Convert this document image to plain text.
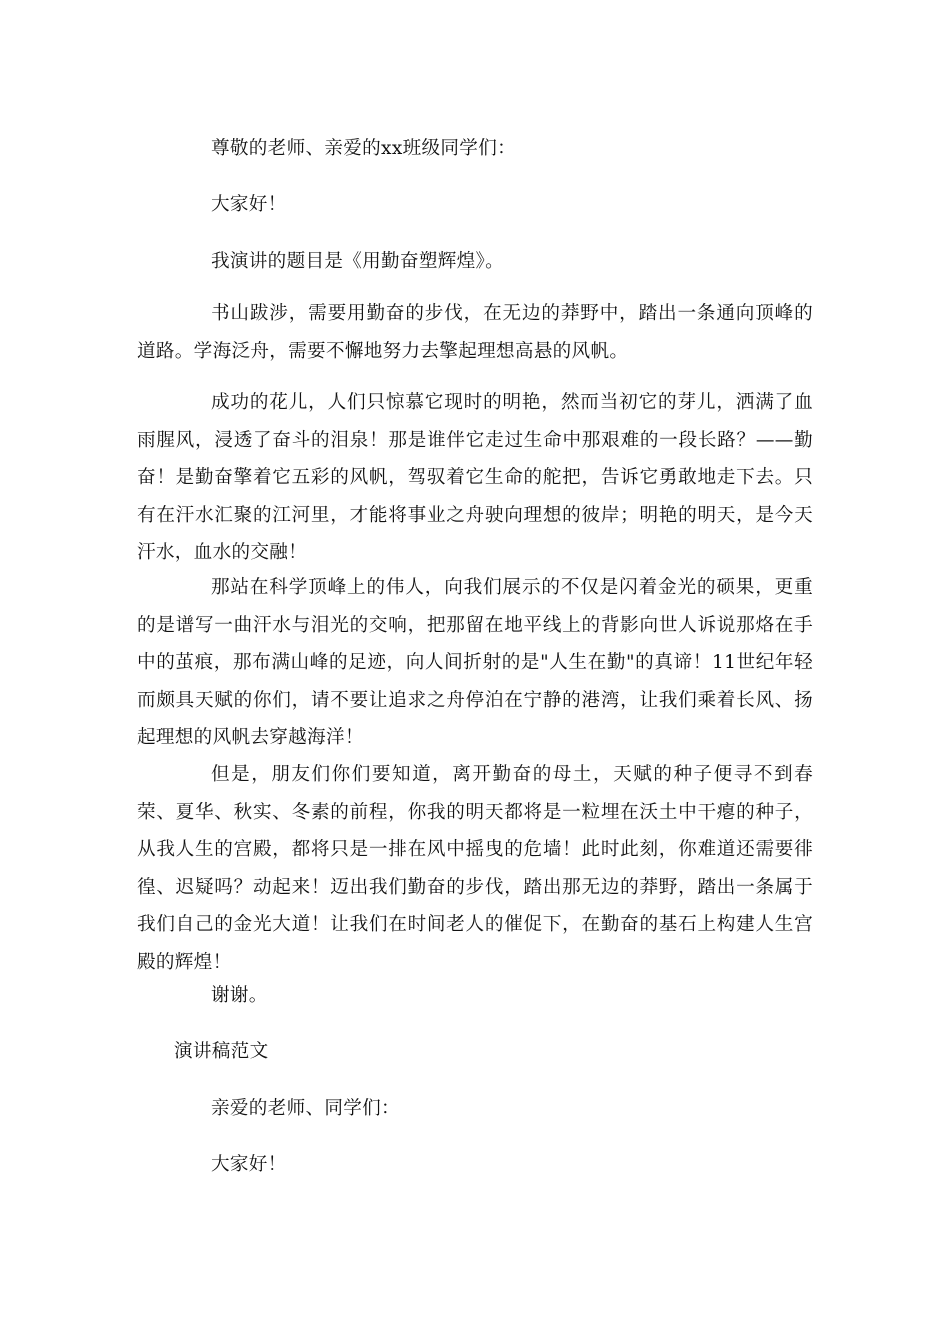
尊敬的老师、亲爱的xx班级同学们：

大家好！

我演讲的题目是《用勤奋塑辉煌》。

书山跋涉，需要用勤奋的步伐，在无边的莽野中，踏出一条通向顶峰的道路。学海泛舟，需要不懈地努力去擎起理想高悬的风帆。

成功的花儿，人们只惊慕它现时的明艳，然而当初它的芽儿，洒满了血雨腥风，浸透了奋斗的泪泉！那是谁伴它走过生命中那艰难的一段长路？——勤奋！是勤奋擎着它五彩的风帆，驾驭着它生命的舵把，告诉它勇敢地走下去。只有在汗水汇聚的江河里，才能将事业之舟驶向理想的彼岸；明艳的明天，是今天汗水，血水的交融！

那站在科学顶峰上的伟人，向我们展示的不仅是闪着金光的硕果，更重的是谱写一曲汗水与泪光的交响，把那留在地平线上的背影向世人诉说那烙在手中的茧痕，那布满山峰的足迹，向人间折射的是"人生在勤"的真谛！11世纪年轻而颇具天赋的你们，请不要让追求之舟停泊在宁静的港湾，让我们乘着长风、扬起理想的风帆去穿越海洋！

但是，朋友们你们要知道，离开勤奋的母土，天赋的种子便寻不到春荣、夏华、秋实、冬素的前程，你我的明天都将是一粒埋在沃土中干瘪的种子，从我人生的宫殿，都将只是一排在风中摇曳的危墙！此时此刻，你难道还需要徘徨、迟疑吗？动起来！迈出我们勤奋的步伐，踏出那无边的莽野，踏出一条属于我们自己的金光大道！让我们在时间老人的催促下，在勤奋的基石上构建人生宫殿的辉煌！

谢谢。

演讲稿范文

亲爱的老师、同学们：

大家好！
